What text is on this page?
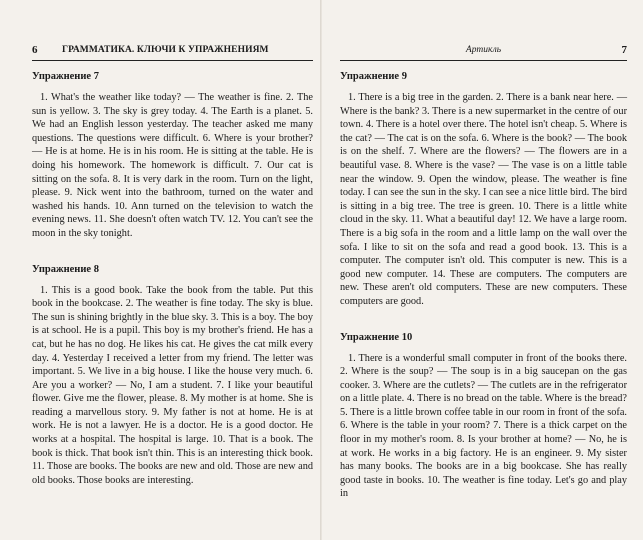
6	ГРАММАТИКА. КЛЮЧИ К УПРАЖНЕНИЯМ
Упражнение 7

1. What's the weather like today? — The weather is fine. 2. The sun is yellow. 3. The sky is grey today. 4. The Earth is a planet. 5. We had an English lesson yesterday. The teacher asked me many questions. The questions were difficult. 6. Where is your brother? — He is at home. He is in his room. He is sitting at the table. He is doing his homework. The homework is difficult. 7. Our cat is sitting on the sofa. 8. It is very dark in the room. Turn on the light, please. 9. Nick went into the bathroom, turned on the water and washed his hands. 10. Ann turned on the television to watch the evening news. 11. She doesn't often watch TV. 12. You can't see the moon in the sky tonight.

Упражнение 8

1. This is a good book. Take the book from the table. Put this book in the bookcase. 2. The weather is fine today. The sky is blue. The sun is shining brightly in the blue sky. 3. This is a boy. The boy is at school. He is a pupil. This boy is my brother's friend. He has a cat, but he has no dog. He likes his cat. He gives the cat milk every day. 4. Yesterday I received a letter from my friend. The letter was important. 5. We live in a big house. I like the house very much. 6. Are you a worker? — No, I am a student. 7. I like your beautiful flower. Give me the flower, please. 8. My mother is at home. She is reading a marvellous story. 9. My father is not at home. He is at work. He is not a lawyer. He is a doctor. He is a good doctor. He works at a hospital. The hospital is large. 10. That is a book. The book is thick. That book isn't thin. This is an interesting thick book. 11. Those are books. The books are new and old. Those are new and old books. Those books are interesting.

Артикль	7
Упражнение 9

1. There is a big tree in the garden. 2. There is a bank near here. — Where is the bank? 3. There is a new supermarket in the centre of our town. 4. There is a hotel over there. The hotel isn't cheap. 5. Where is the cat? — The cat is on the sofa. 6. Where is the book? — The book is on the shelf. 7. Where are the flowers? — The flowers are in a beautiful vase. 8. Where is the vase? — The vase is on a little table near the window. 9. Open the window, please. The weather is fine today. I can see the sun in the sky. I can see a nice little bird. The bird is sitting in a big tree. The tree is green. 10. There is a little white cloud in the sky. 11. What a beautiful day! 12. We have a large room. There is a big sofa in the room and a little lamp on the wall over the sofa. I like to sit on the sofa and read a good book. 13. This is a computer. The computer isn't old. This computer is new. This is a good new computer. 14. These are computers. The computers are new. These aren't old computers. These are new computers. These computers are good.

Упражнение 10

1. There is a wonderful small computer in front of the books there. 2. Where is the soup? — The soup is in a big saucepan on the gas cooker. 3. Where are the cutlets? — The cutlets are in the refrigerator on a little plate. 4. There is no bread on the table. Where is the bread? 5. There is a little brown coffee table in our room in front of the sofa. 6. Where is the table in your room? 7. There is a thick carpet on the floor in my mother's room. 8. Is your brother at home? — No, he is at work. He works in a big factory. He is an engineer. 9. My sister has many books. The books are in a big bookcase. She has really good taste in books. 10. The weather is fine today. Let's go and play in
